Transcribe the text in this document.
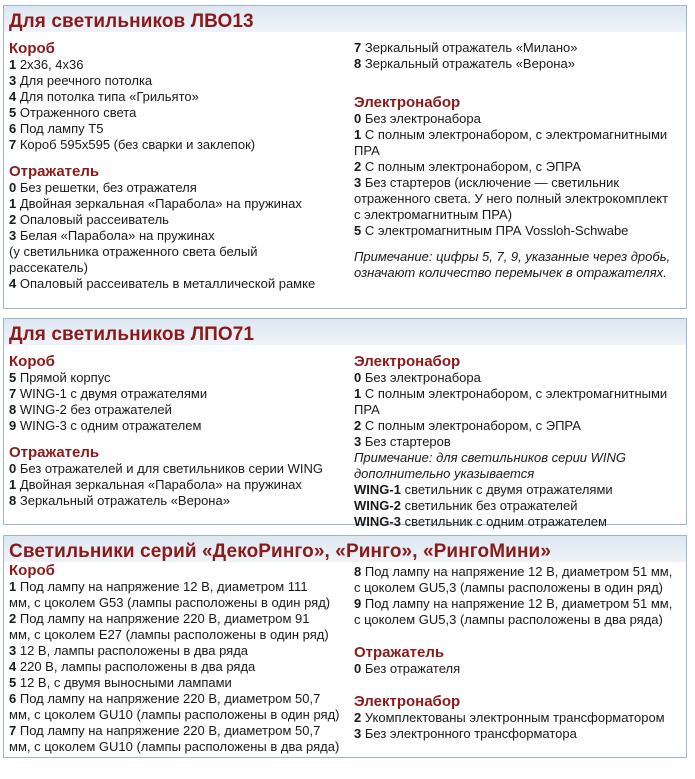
Для светильников ЛВО13
Короб
1 2х36, 4х36
3 Для реечного потолка
4 Для потолка типа «Грильято»
5 Отраженного света
6 Под лампу Т5
7 Короб 595х595 (без сварки и заклепок)
Отражатель
0 Без решетки, без отражателя
1 Двойная зеркальная «Парабола» на пружинах
2 Опаловый рассеиватель
3 Белая «Парабола» на пружинах
(у светильника отраженного света белый
рассекатель)
4 Опаловый рассеиватель в металлической рамке
7 Зеркальный отражатель «Милано»
8 Зеркальный отражатель «Верона»
Электронабор
0 Без электронабора
1 С полным электронабором, с электромагнитными
ПРА
2 С полным электронабором, с ЭПРА
3 Без стартеров (исключение — светильник
отраженного света. У него полный электрокомплект
с электромагнитным ПРА)
5 С электромагнитным ПРА Vossloh-Schwabe
Примечание: цифры 5, 7, 9, указанные через дробь,
означают количество перемычек в отражателях.
Для светильников ЛПО71
Короб
5 Прямой корпус
7 WING-1 с двумя отражателями
8 WING-2 без отражателей
9 WING-3 с одним отражателем
Отражатель
0 Без отражателей и для светильников серии WING
1 Двойная зеркальная «Парабола» на пружинах
8 Зеркальный отражатель «Верона»
Электронабор
0 Без электронабора
1 С полным электронабором, с электромагнитными
ПРА
2 С полным электронабором, с ЭПРА
3 Без стартеров
Примечание: для светильников серии WING
дополнительно указывается
WING-1 светильник с двумя отражателями
WING-2 светильник без отражателей
WING-3 светильник с одним отражателем
Светильники серий «ДекоРинго», «Ринго», «РингоМини»
Короб
1 Под лампу на напряжение 12 В, диаметром 111
мм, с цоколем G53 (лампы расположены в один ряд)
2 Под лампу на напряжение 220 В, диаметром 91
мм, с цоколем Е27 (лампы расположены в один ряд)
3 12 В, лампы расположены в два ряда
4 220 В, лампы расположены в два ряда
5 12 В, с двумя выносными лампами
6 Под лампу на напряжение 220 В, диаметром 50,7
мм, с цоколем GU10 (лампы расположены в один ряд)
7 Под лампу на напряжение 220 В, диаметром 50,7
мм, с цоколем GU10 (лампы расположены в два ряда)
8 Под лампу на напряжение 12 В, диаметром 51 мм,
с цоколем GU5,3 (лампы расположены в один ряд)
9 Под лампу на напряжение 12 В, диаметром 51 мм,
с цоколем GU5,3 (лампы расположены в два ряда)
Отражатель
0 Без отражателя
Электронабор
2 Укомплектованы электронным трансформатором
3 Без электронного трансформатора
